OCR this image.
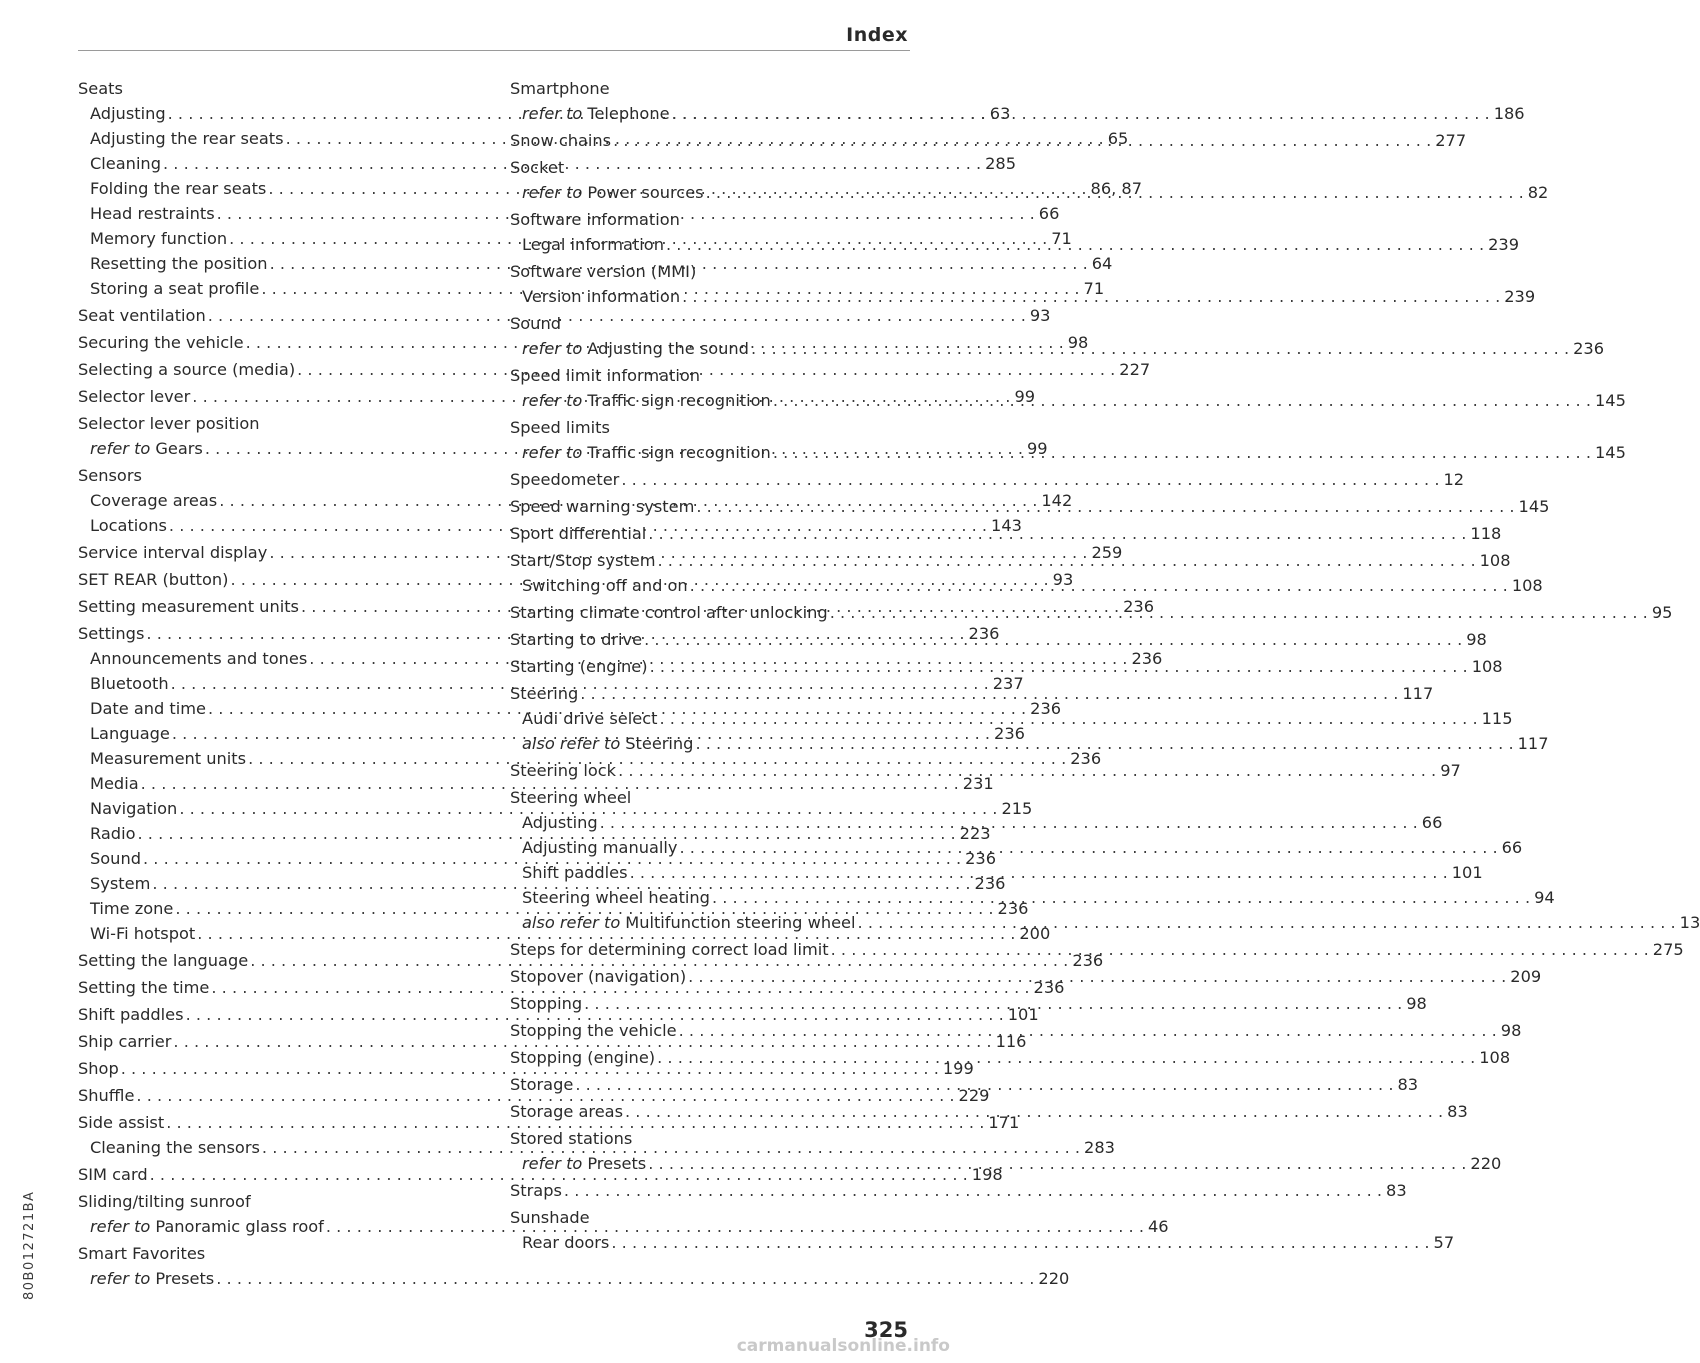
Index
Seats
Adjusting . . .	63
Adjusting the rear seats . . .	65
Cleaning . . .	285
Folding the rear seats . . .	86, 87
Head restraints . . .	66
Memory function . . .	71
Resetting the position . . .	64
Storing a seat profile . . .	71
Seat ventilation . . .	93
Securing the vehicle . . .	98
Selecting a source (media) . . .	227
Selector lever . . .	99
Selector lever position
refer to Gears . . .	99
Sensors
Coverage areas . . .	142
Locations . . .	143
Service interval display . . .	259
SET REAR (button) . . .	93
Setting measurement units . . .	236
Settings . . .	236
Announcements and tones . . .	236
Bluetooth . . .	237
Date and time . . .	236
Language . . .	236
Measurement units . . .	236
Media . . .	231
Navigation . . .	215
Radio . . .	223
Sound . . .	236
System . . .	236
Time zone . . .	236
Wi-Fi hotspot . . .	200
Setting the language . . .	236
Setting the time . . .	236
Shift paddles . . .	101
Ship carrier . . .	116
Shop . . .	199
Shuffle . . .	229
Side assist . . .	171
Cleaning the sensors . . .	283
SIM card . . .	198
Sliding/tilting sunroof
refer to Panoramic glass roof . . .	46
Smart Favorites
refer to Presets . . .	220
Smartphone
refer to Telephone . . .	186
Snow chains . . .	277
Socket
refer to Power sources . . .	82
Software information
Legal information . . .	239
Software version (MMI)
Version information . . .	239
Sound
refer to Adjusting the sound . . .	236
Speed limit information
refer to Traffic sign recognition . . .	145
Speed limits
refer to Traffic sign recognition . . .	145
Speedometer . . .	12
Speed warning system . . .	145
Sport differential . . .	118
Start/Stop system . . .	108
Switching off and on . . .	108
Starting climate control after unlocking . . .	95
Starting to drive . . .	98
Starting (engine) . . .	108
Steering . . .	117
Audi drive select . . .	115
also refer to Steering . . .	117
Steering lock . . .	97
Steering wheel
Adjusting . . .	66
Adjusting manually . . .	66
Shift paddles . . .	101
Steering wheel heating . . .	94
also refer to Multifunction steering wheel . . .	13
Steps for determining correct load limit . . .	275
Stopover (navigation) . . .	209
Stopping . . .	98
Stopping the vehicle . . .	98
Stopping (engine) . . .	108
Storage . . .	83
Storage areas . . .	83
Stored stations
refer to Presets . . .	220
Straps . . .	83
Sunshade
Rear doors . . .	57
80B012721BA
325
carmanualsonline.info
